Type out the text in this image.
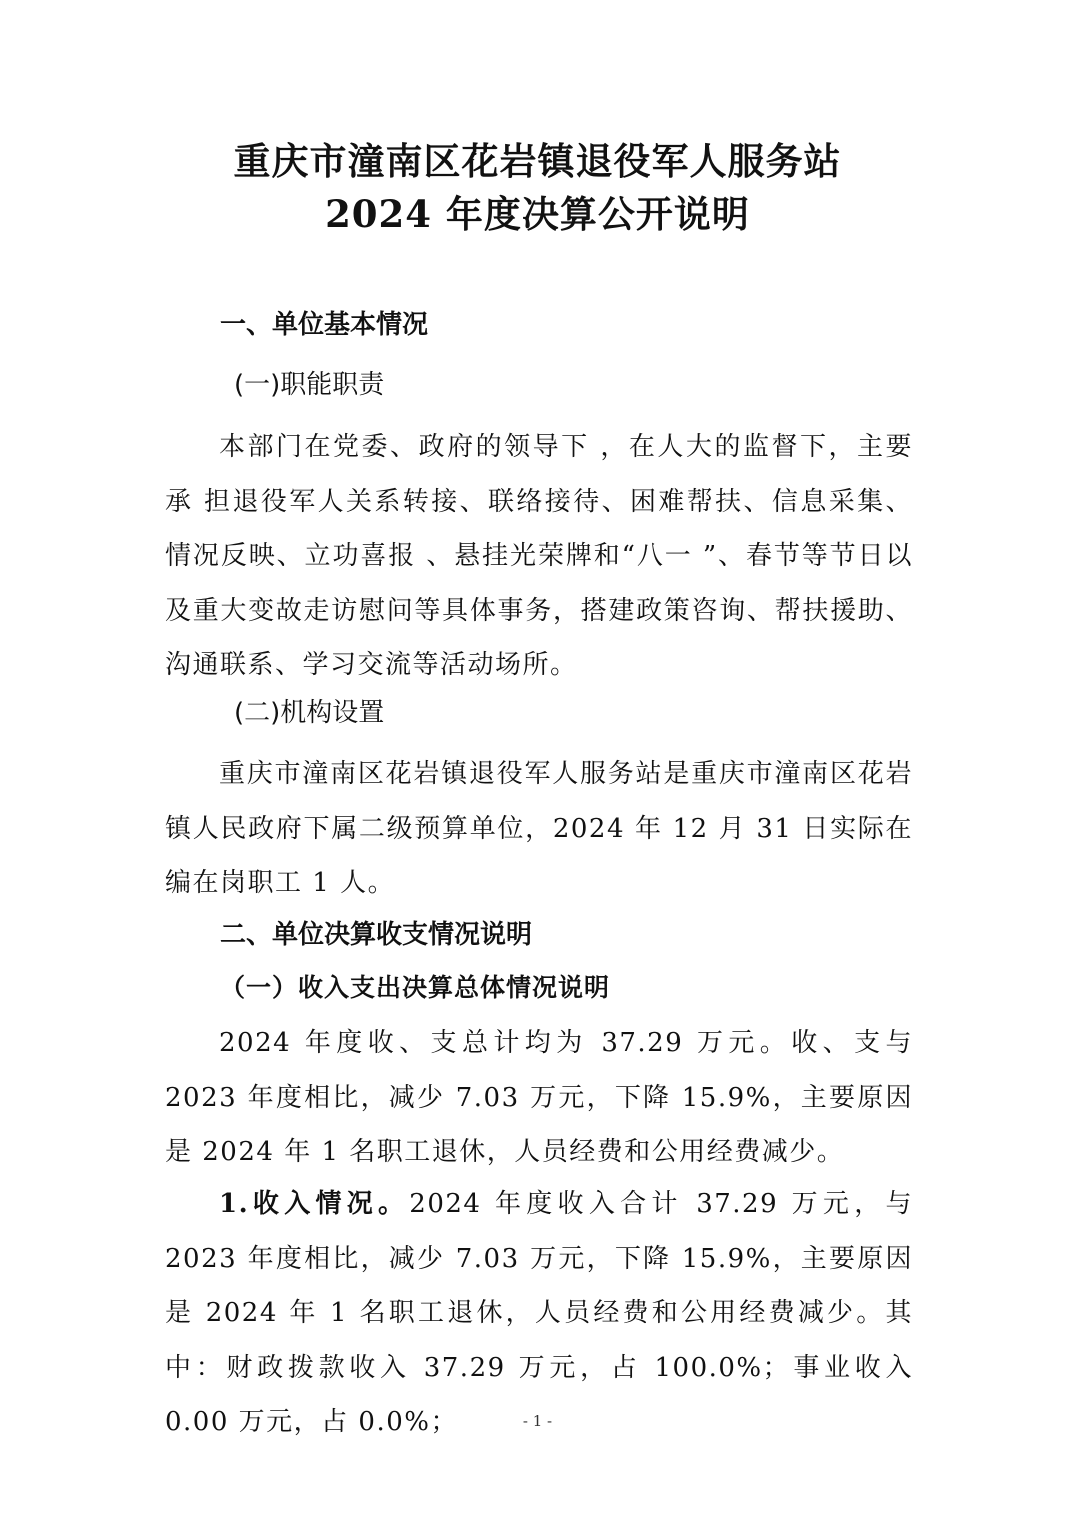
重庆市潼南区花岩镇退役军人服务站
2024 年度决算公开说明
一、单位基本情况
(一)职能职责

本部门在党委、政府的领导下 ，在人大的监督下，主要承 担退役军人关系转接、联络接待、困难帮扶、信息采集、情况反映、立功喜报 、悬挂光荣牌和“八一 ”、春节等节日以及重大变故走访慰问等具体事务，搭建政策咨询、帮扶援助、沟通联系、学习交流等活动场所。

(二)机构设置

重庆市潼南区花岩镇退役军人服务站是重庆市潼南区花岩镇人民政府下属二级预算单位，2024 年 12 月 31 日实际在编在岗职工 1 人。

二、单位决算收支情况说明
（一）收入支出决算总体情况说明

2024 年度收、支总计均为 37.29 万元。收、支与 2023 年度相比，减少 7.03 万元，下降 15.9%，主要原因是 2024 年 1 名职工退休，人员经费和公用经费减少。

1.收入情况。2024 年度收入合计 37.29 万元，与 2023 年度相比，减少 7.03 万元，下降 15.9%，主要原因是 2024 年 1 名职工退休，人员经费和公用经费减少。其中：财政拨款收入 37.29 万元，占 100.0%；事业收入 0.00 万元，占 0.0%；	- 1 -
